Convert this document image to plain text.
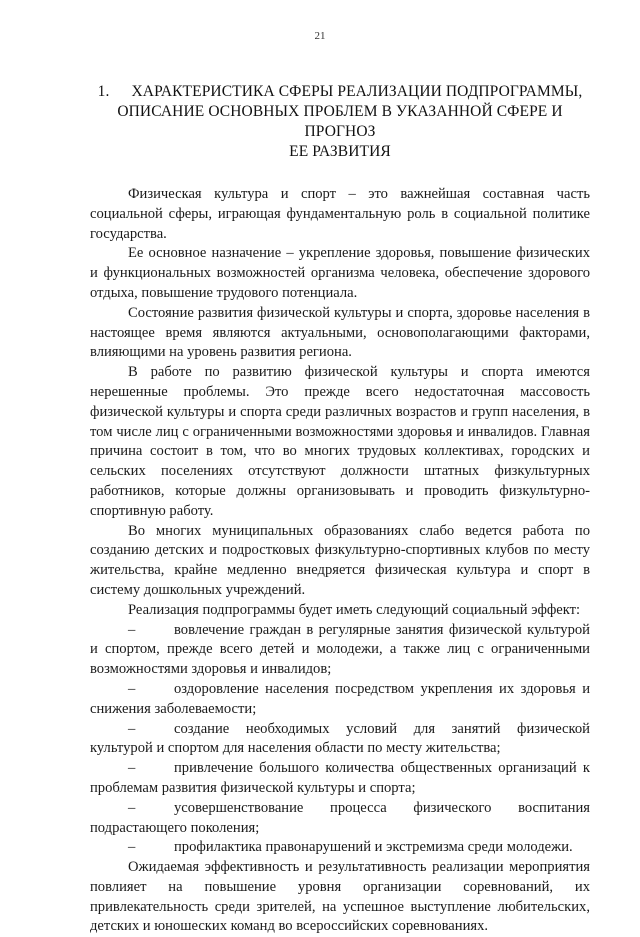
21
1. ХАРАКТЕРИСТИКА СФЕРЫ РЕАЛИЗАЦИИ ПОДПРОГРАММЫ,
ОПИСАНИЕ ОСНОВНЫХ ПРОБЛЕМ В УКАЗАННОЙ СФЕРЕ И ПРОГНОЗ
ЕЕ РАЗВИТИЯ

Физическая культура и спорт – это важнейшая составная часть социальной сферы, играющая фундаментальную роль в социальной политике государства.

Ее основное назначение – укрепление здоровья, повышение физических и функциональных возможностей организма человека, обеспечение здорового отдыха, повышение трудового потенциала.

Состояние развития физической культуры и спорта, здоровье населения в настоящее время являются актуальными, основополагающими факторами, влияющими на уровень развития региона.

В работе по развитию физической культуры и спорта имеются нерешенные проблемы. Это прежде всего недостаточная массовость физической культуры и спорта среди различных возрастов и групп населения, в том числе лиц с ограниченными возможностями здоровья и инвалидов. Главная причина состоит в том, что во многих трудовых коллективах, городских и сельских поселениях отсутствуют должности штатных физкультурных работников, которые должны организовывать и проводить физкультурно-спортивную работу.

Во многих муниципальных образованиях слабо ведется работа по созданию детских и подростковых физкультурно-спортивных клубов по месту жительства, крайне медленно внедряется физическая культура и спорт в систему дошкольных учреждений.

Реализация подпрограммы будет иметь следующий социальный эффект:

–	вовлечение граждан в регулярные занятия физической культурой и спортом, прежде всего детей и молодежи, а также лиц с ограниченными возможностями здоровья и инвалидов;

–	оздоровление населения посредством укрепления их здоровья и снижения заболеваемости;

–	создание необходимых условий для занятий физической культурой и спортом для населения области по месту жительства;

–	привлечение большого количества общественных организаций к проблемам развития физической культуры и спорта;

–	усовершенствование процесса физического воспитания подрастающего поколения;

–	профилактика правонарушений и экстремизма среди молодежи.

Ожидаемая эффективность и результативность реализации мероприятия повлияет на повышение уровня организации соревнований, их привлекательность среди зрителей, на успешное выступление любительских, детских и юношеских команд во всероссийских соревнованиях.
